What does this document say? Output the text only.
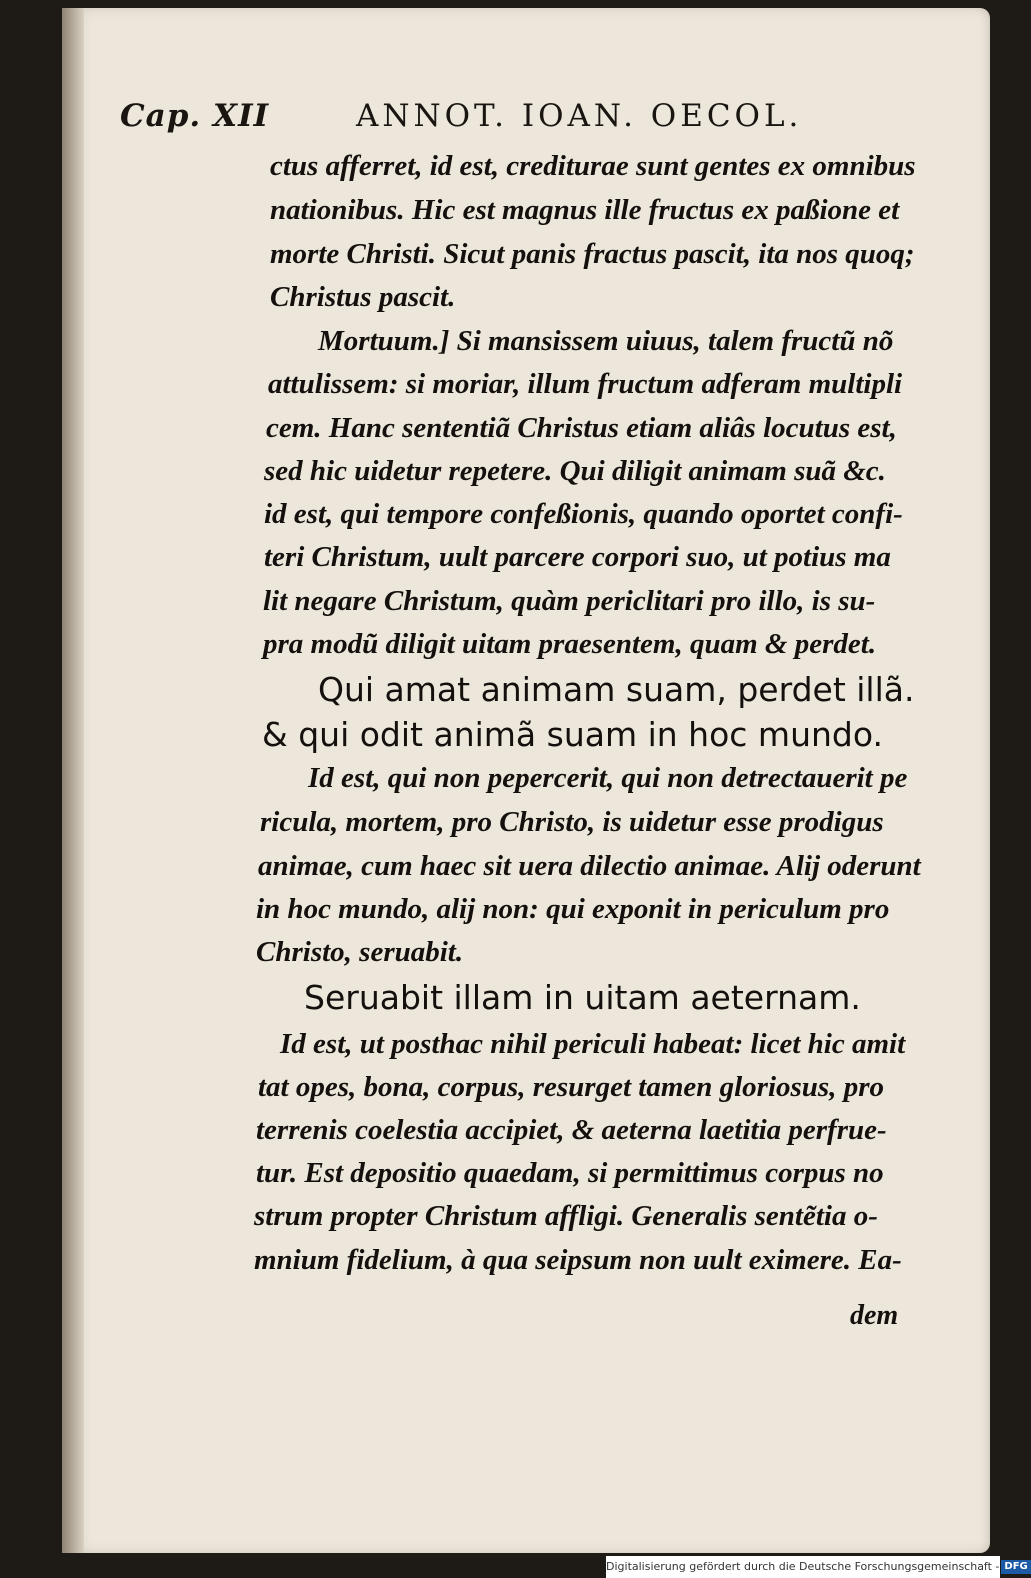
Cap. XII	ANNOT. IOAN. OECOL.
ctus afferret, id est, crediturae sunt gentes ex omnibus
nationibus. Hic est magnus ille fructus ex paßione et
morte Christi. Sicut panis fractus pascit, ita nos quoq;
Christus pascit.
Mortuum.] Si mansissem uiuus, talem fructũ nõ
attulissem: si moriar, illum fructum adferam multipli
cem. Hanc sententiã Christus etiam aliâs locutus est,
sed hic uidetur repetere. Qui diligit animam suã &c.
id est, qui tempore confeßionis, quando oportet confi-
teri Christum, uult parcere corpori suo, ut potius ma
lit negare Christum, quàm periclitari pro illo, is su-
pra modũ diligit uitam praesentem, quam & perdet.
Qui amat animam suam, perdet illã.
& qui odit animã suam in hoc mundo.
Id est, qui non pepercerit, qui non detrectauerit pe
ricula, mortem, pro Christo, is uidetur esse prodigus
animae, cum haec sit uera dilectio animae. Alij oderunt
in hoc mundo, alij non: qui exponit in periculum pro
Christo, seruabit.
Seruabit illam in uitam aeternam.
Id est, ut posthac nihil periculi habeat: licet hic amit
tat opes, bona, corpus, resurget tamen gloriosus, pro
terrenis coelestia accipiet, & aeterna laetitia perfrue-
tur. Est depositio quaedam, si permittimus corpus no
strum propter Christum affligi. Generalis sentẽtia o-
mnium fidelium, à qua seipsum non uult eximere. Ea-
dem
Digitalisierung gefördert durch die Deutsche Forschungsgemeinschaft - DFG
